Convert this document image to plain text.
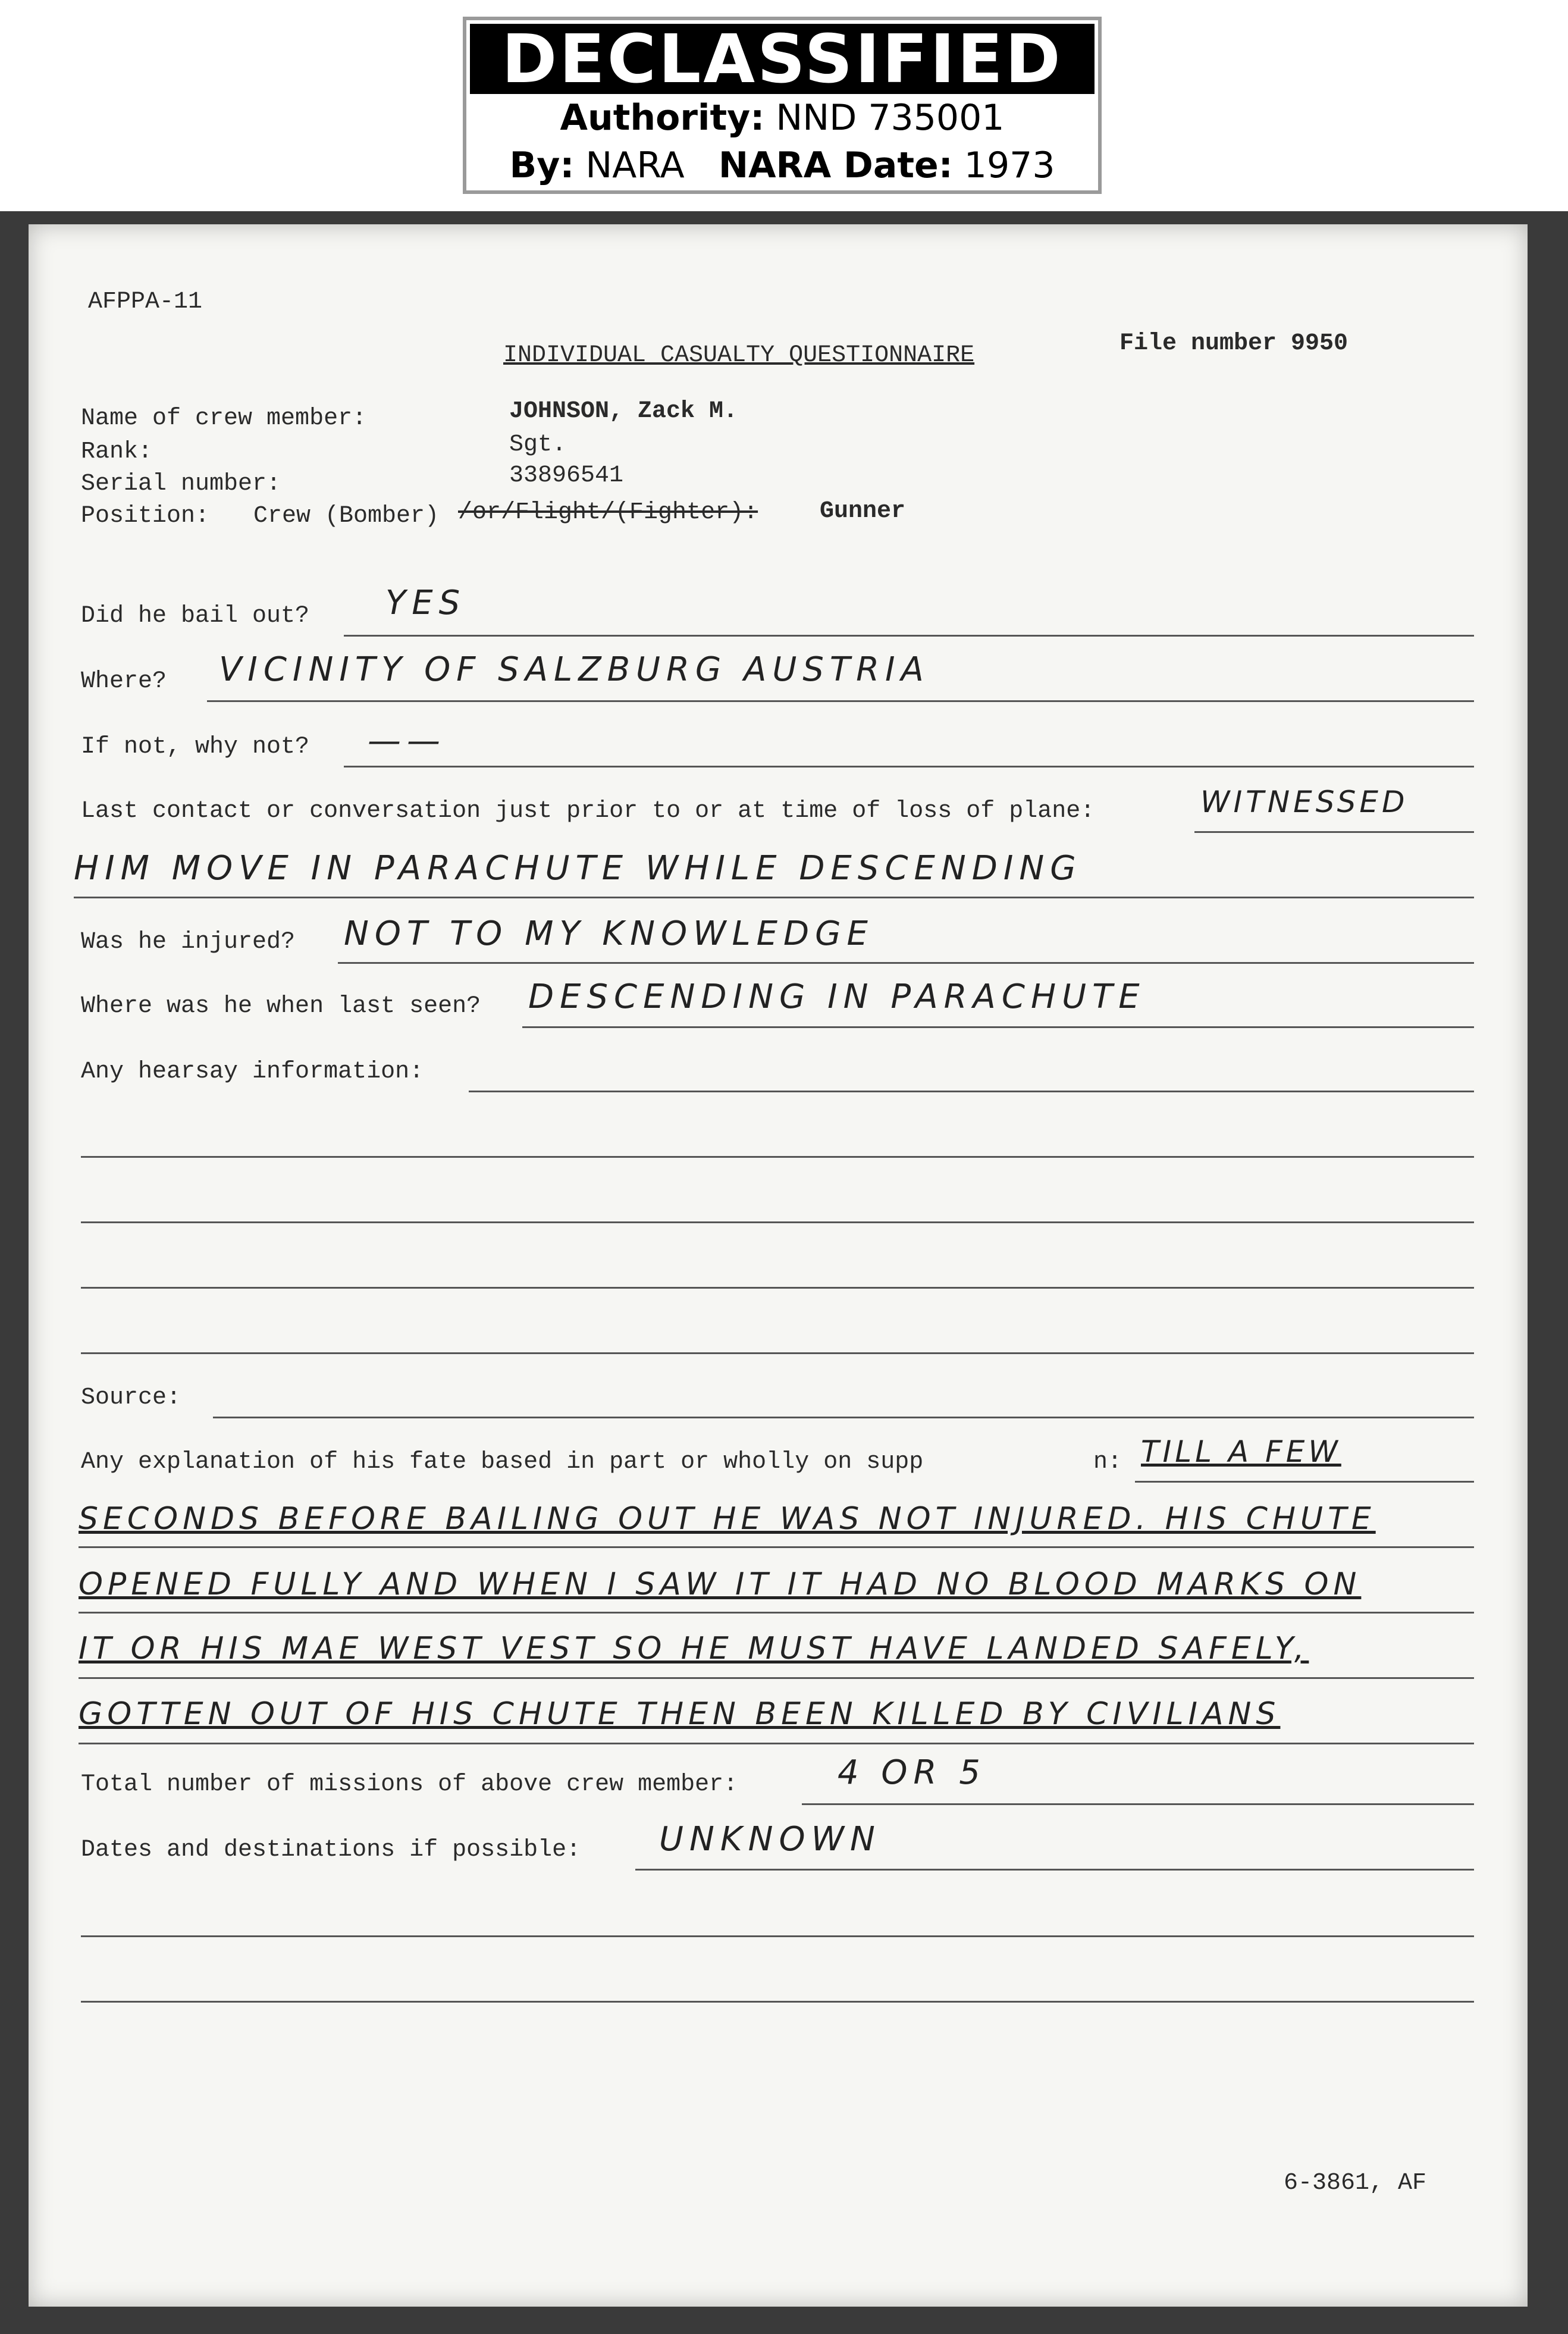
DECLASSIFIED
Authority: NND 735001
By: NARA NARA Date: 1973
AFPPA-11
INDIVIDUAL CASUALTY QUESTIONNAIRE	File number 9950
Name of crew member:	JOHNSON, Zack M.
Rank:	Sgt.
Serial number:	33896541
Position: Crew (Bomber) /or/Flight/(Fighter):	Gunner
Did he bail out? YES
Where? VICINITY OF SALZBURG AUSTRIA
If not, why not? ——
Last contact or conversation just prior to or at time of loss of plane:	WITNESSED
HIM MOVE IN PARACHUTE WHILE DESCENDING
Was he injured? NOT TO MY KNOWLEDGE
Where was he when last seen? DESCENDING IN PARACHUTE
Any hearsay information:
Source:
Any explanation of his fate based in part or wholly on supp	n: TILL A FEW
SECONDS BEFORE BAILING OUT HE WAS NOT INJURED. HIS CHUTE
OPENED FULLY AND WHEN I SAW IT IT HAD NO BLOOD MARKS ON
IT OR HIS MAE WEST VEST SO HE MUST HAVE LANDED SAFELY,
GOTTEN OUT OF HIS CHUTE THEN BEEN KILLED BY CIVILIANS
Total number of missions of above crew member:	4 OR 5
Dates and destinations if possible: UNKNOWN
6-3861, AF
